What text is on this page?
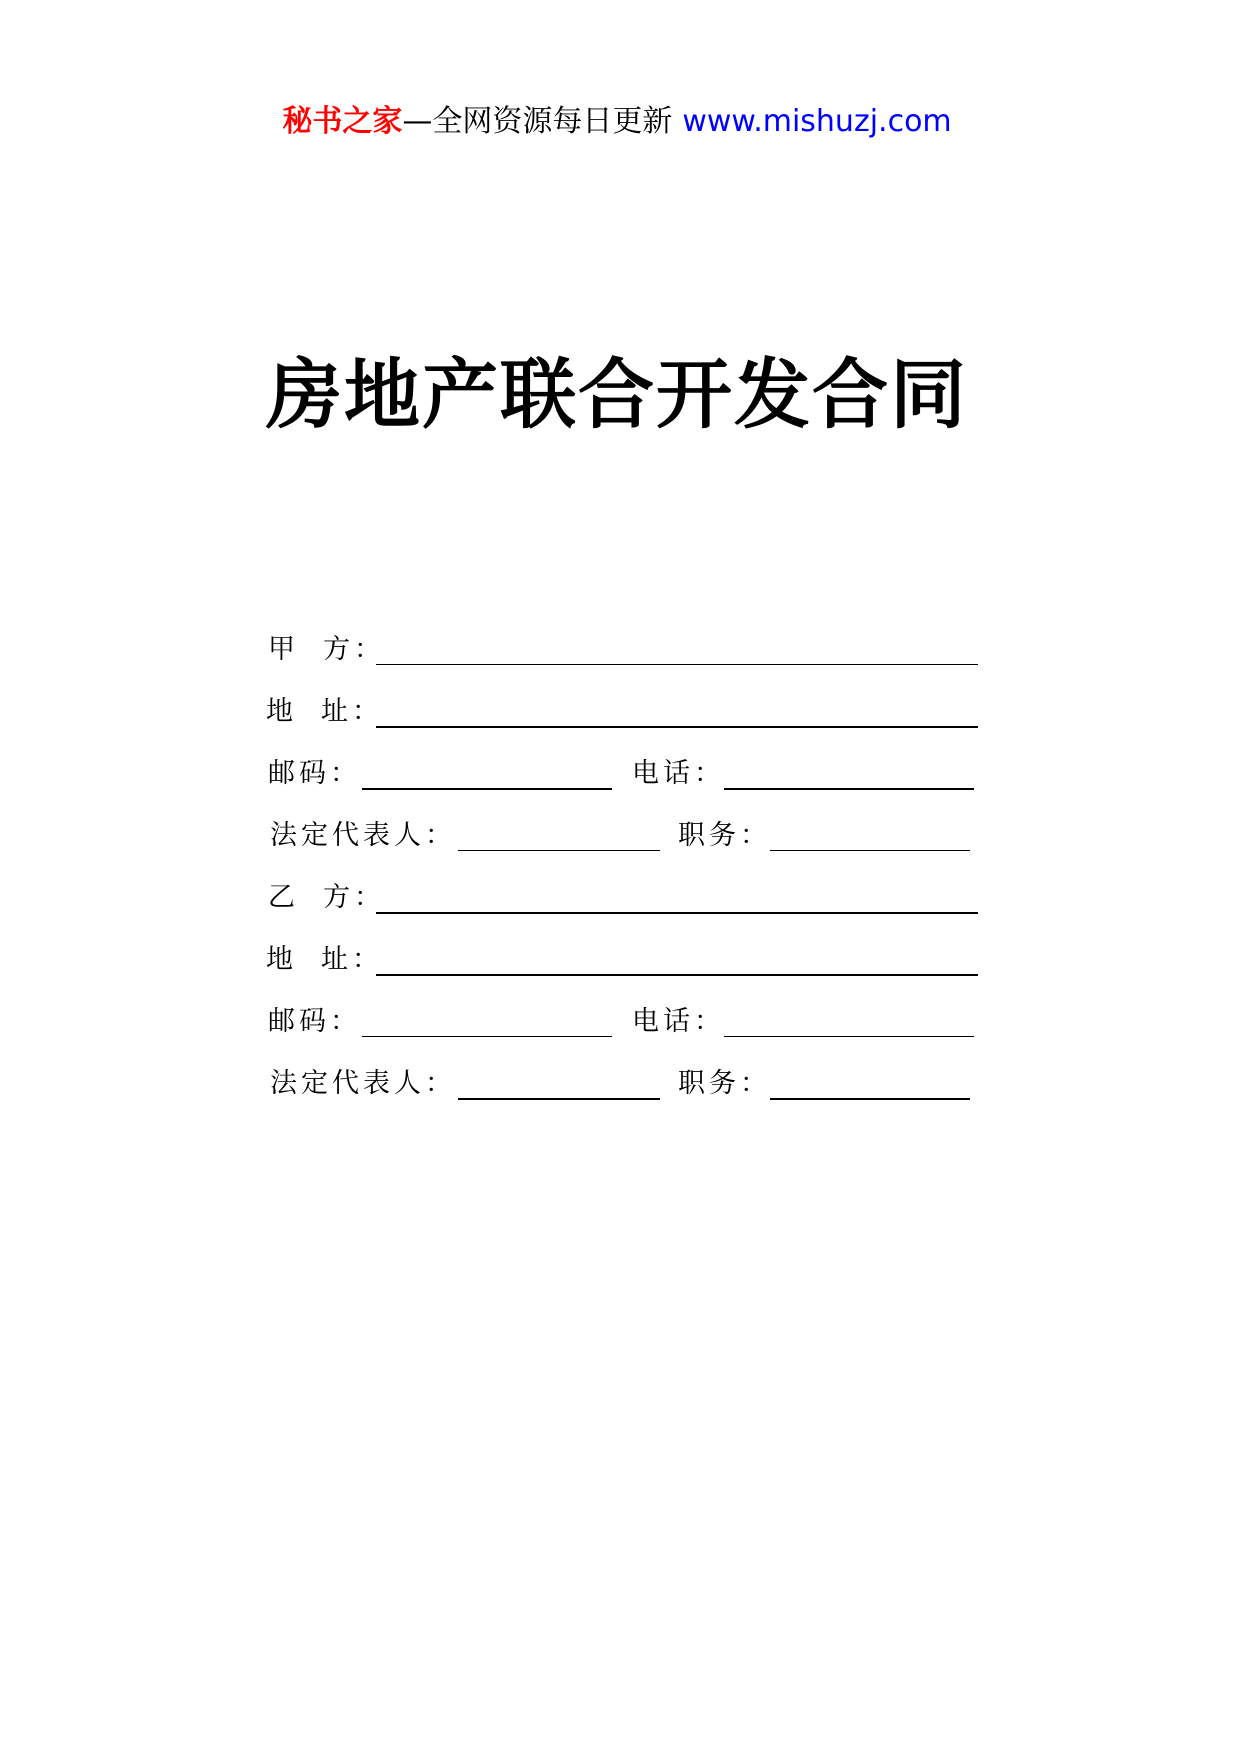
秘书之家—全网资源每日更新 www.mishuzj.com
房地产联合开发合同
甲 方：
地 址：
邮码：	电话：
法定代表人：	职务：
乙 方：
地 址：
邮码：	电话：
法定代表人：	职务：
